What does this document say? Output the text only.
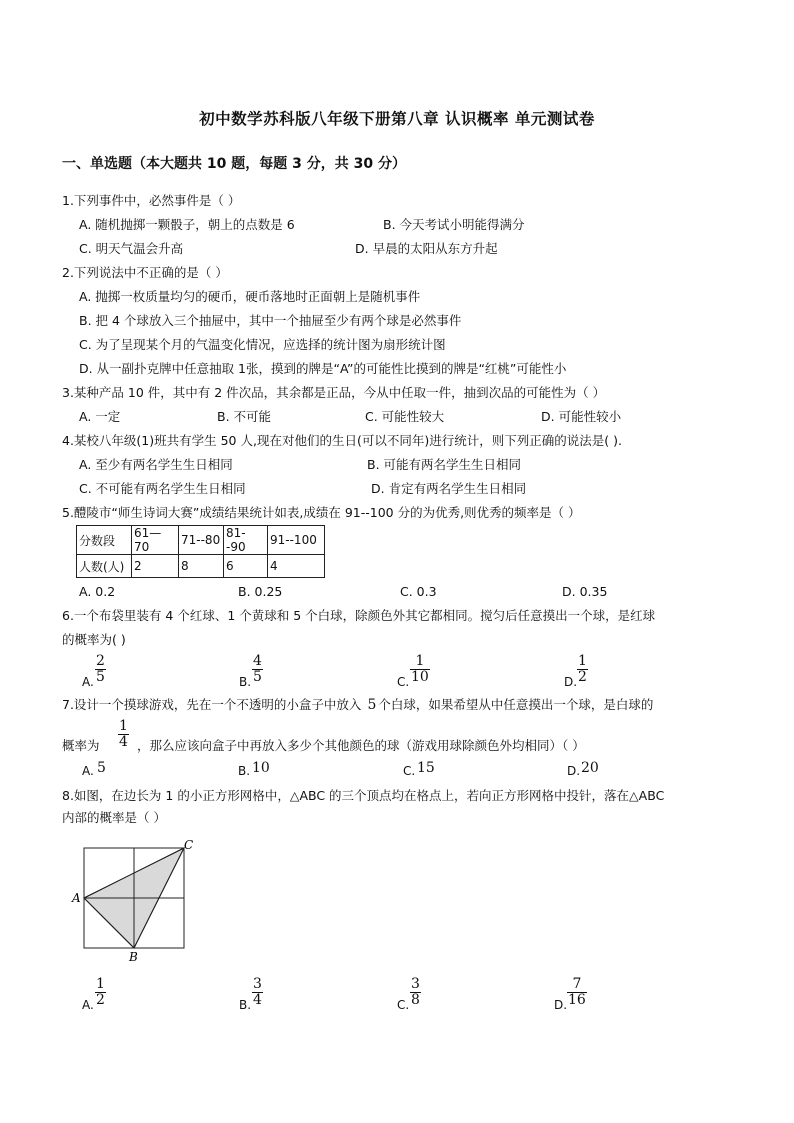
初中数学苏科版八年级下册第八章 认识概率 单元测试卷
一、单选题（本大题共 10 题，每题 3 分，共 30 分）
1.下列事件中，必然事件是（ ）
A. 随机抛掷一颗骰子，朝上的点数是 6	B. 今天考试小明能得满分
C. 明天气温会升高	D. 早晨的太阳从东方升起
2.下列说法中不正确的是（ ）
A. 抛掷一枚质量均匀的硬币，硬币落地时正面朝上是随机事件
B. 把 4 个球放入三个抽屉中，其中一个抽屉至少有两个球是必然事件
C. 为了呈现某个月的气温变化情况，应选择的统计图为扇形统计图
D. 从一副扑克牌中任意抽取 1张，摸到的牌是“A”的可能性比摸到的牌是“红桃”可能性小
3.某种产品 10 件，其中有 2 件次品，其余都是正品，今从中任取一件，抽到次品的可能性为（ ）
A. 一定	B. 不可能	C. 可能性较大	D. 可能性较小
4.某校八年级(1)班共有学生 50 人,现在对他们的生日(可以不同年)进行统计，则下列正确的说法是( ).
A. 至少有两名学生生日相同	B. 可能有两名学生生日相同
C. 不可能有两名学生生日相同	D. 肯定有两名学生生日相同
5.醴陵市“师生诗词大赛”成绩结果统计如表,成绩在 91--100 分的为优秀,则优秀的频率是（ ）
分数段	61—70	71--80	81--90	91--100
人数(人)	2	8	6	4
A. 0.2	B. 0.25	C. 0.3	D. 0.35
6.一个布袋里装有 4 个红球、1 个黄球和 5 个白球，除颜色外其它都相同。搅匀后任意摸出一个球，是红球
的概率为( )
A. $\frac{2}{5}$	B. $\frac{4}{5}$	C. $\frac{1}{10}$	D. $\frac{1}{2}$
7.设计一个摸球游戏，先在一个不透明的小盒子中放入 5 个白球，如果希望从中任意摸出一个球，是白球的
概率为 $\frac{1}{4}$ ，那么应该向盒子中再放入多少个其他颜色的球（游戏用球除颜色外均相同）（ ）
A. 5	B. 10	C. 15	D. 20
8.如图，在边长为 1 的小正方形网格中，△ABC 的三个顶点均在格点上，若向正方形网格中投针，落在△ABC
内部的概率是（ ）
A
B
C
A. $\frac{1}{2}$	B. $\frac{3}{4}$	C. $\frac{3}{8}$	D. $\frac{7}{16}$
